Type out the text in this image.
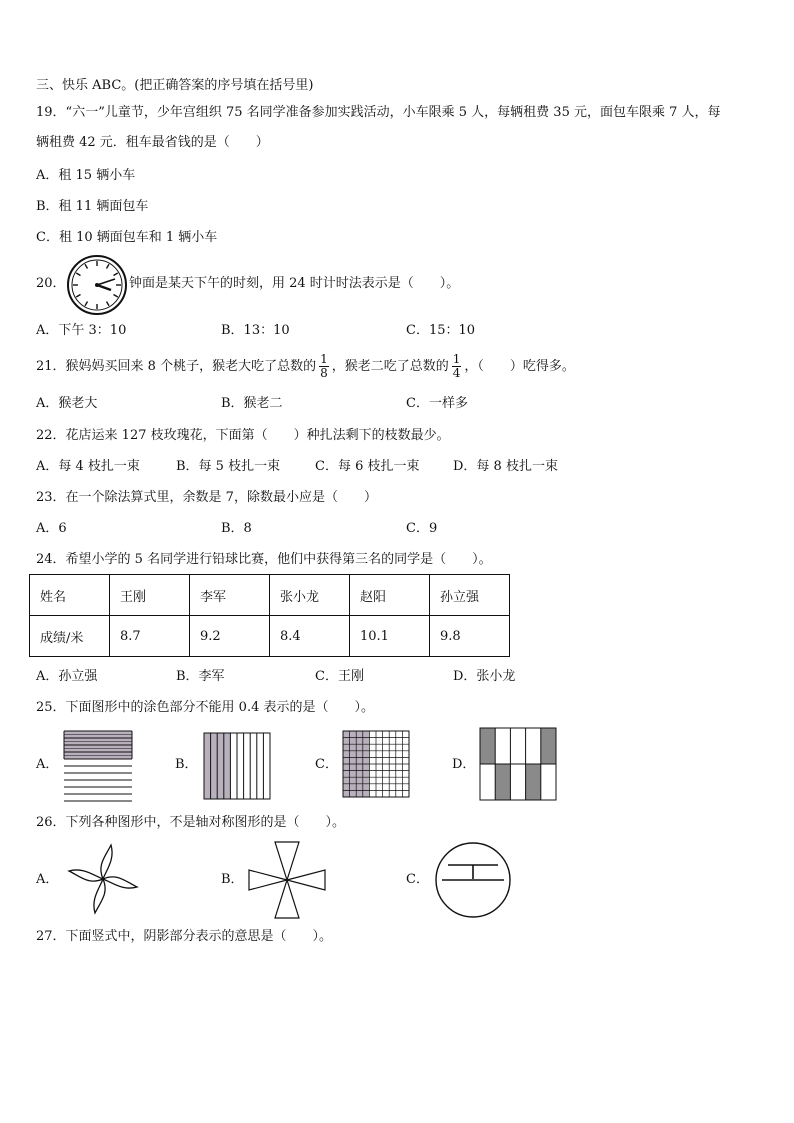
三、快乐 ABC。(把正确答案的序号填在括号里)
19．“六一”儿童节，少年宫组织 75 名同学准备参加实践活动，小车限乘 5 人，每辆租费 35 元，面包车限乘 7 人，每
辆租费 42 元．租车最省钱的是（　　）
A．租 15 辆小车
B．租 11 辆面包车
C．租 10 辆面包车和 1 辆小车
20．	钟面是某天下午的时刻，用 24 时计时法表示是（　　）。
A．下午 3：10	B．13：10	C．15：10
21．猴妈妈买回来 8 个桃子，猴老大吃了总数的 $\frac{1}{8}$ ，猴老二吃了总数的 $\frac{1}{4}$ ，（　　）吃得多。
A．猴老大	B．猴老二	C．一样多
22．花店运来 127 枝玫瑰花，下面第（　　）种扎法剩下的枝数最少。
A．每 4 枝扎一束	B．每 5 枝扎一束	C．每 6 枝扎一束	D．每 8 枝扎一束
23．在一个除法算式里，余数是 7，除数最小应是（　　）
A．6	B．8	C．9
24．希望小学的 5 名同学进行铅球比赛，他们中获得第三名的同学是（　　）。
姓名	王刚	李军	张小龙	赵阳	孙立强
成绩/米	8.7	9.2	8.4	10.1	9.8
A．孙立强	B．李军	C．王刚	D．张小龙
25．下面图形中的涂色部分不能用 0.4 表示的是（　　）。
A．	B．	C．	D．
26．下列各种图形中，不是轴对称图形的是（　　）。
A．	B．	C．
27．下面竖式中，阴影部分表示的意思是（　　）。
